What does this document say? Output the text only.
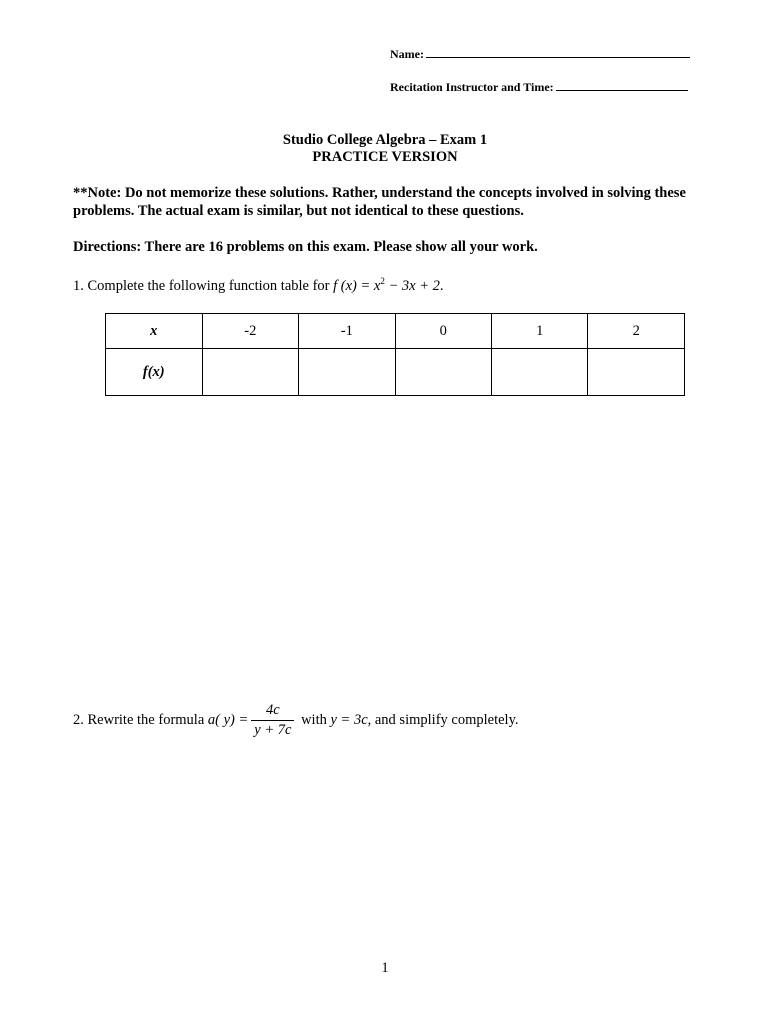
Name:
Recitation Instructor and Time:
Studio College Algebra – Exam 1
PRACTICE VERSION
**Note: Do not memorize these solutions. Rather, understand the concepts involved in solving these problems. The actual exam is similar, but not identical to these questions.
Directions: There are 16 problems on this exam. Please show all your work.
1. Complete the following function table for f $(x) = x^2 - 3x + 2$.
x	-2	-1	0	1	2
f(x)					
2. Rewrite the formula a( $y) = \frac{4c}{y + 7c}$ with y = 3c, and simplify completely.
1
